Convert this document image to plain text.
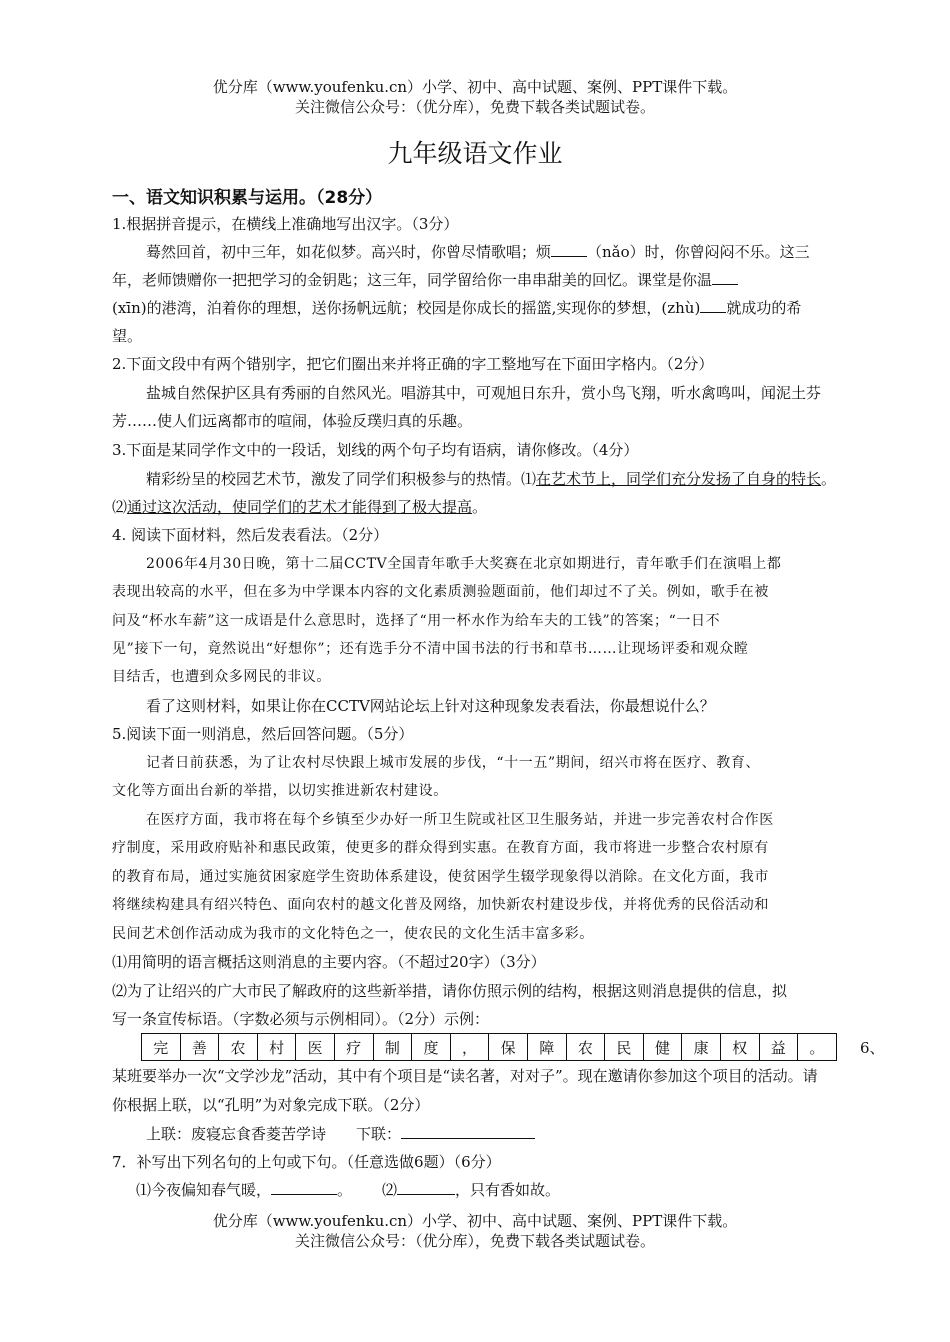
优分库（www.youfenku.cn）小学、初中、高中试题、案例、PPT课件下载。
关注微信公众号：（优分库），免费下载各类试题试卷。
九年级语文作业
一、语文知识积累与运用。（28分）
1.根据拼音提示，在横线上准确地写出汉字。（3分）
蓦然回首，初中三年，如花似梦。高兴时，你曾尽情歌唱；烦 （nǎo）时，你曾闷闷不乐。这三
年，老师馈赠你一把把学习的金钥匙；这三年，同学留给你一串串甜美的回忆。课堂是你温
(xīn)的港湾，泊着你的理想，送你扬帆远航；校园是你成长的摇篮,实现你的梦想，(zhù) 就成功的希
望。
2.下面文段中有两个错别字，把它们圈出来并将正确的字工整地写在下面田字格内。（2分）
盐城自然保护区具有秀丽的自然风光。唱游其中，可观旭日东升，赏小鸟飞翔，听水禽鸣叫，闻泥土芬
芳……使人们远离都市的喧闹，体验反璞归真的乐趣。
3.下面是某同学作文中的一段话，划线的两个句子均有语病，请你修改。（4分）
精彩纷呈的校园艺术节，激发了同学们积极参与的热情。⑴在艺术节上，同学们充分发扬了自身的特长。
⑵通过这次活动，使同学们的艺术才能得到了极大提高。
4. 阅读下面材料，然后发表看法。（2分）
2006年4月30日晚，第十二届CCTV全国青年歌手大奖赛在北京如期进行，青年歌手们在演唱上都
表现出较高的水平，但在多为中学课本内容的文化素质测验题面前，他们却过不了关。例如，歌手在被
问及“杯水车薪”这一成语是什么意思时，选择了“用一杯水作为给车夫的工钱”的答案；“一日不
见”接下一句，竟然说出“好想你”；还有选手分不清中国书法的行书和草书……让现场评委和观众瞠
目结舌，也遭到众多网民的非议。
看了这则材料，如果让你在CCTV网站论坛上针对这种现象发表看法，你最想说什么？
5.阅读下面一则消息，然后回答问题。（5分）
记者日前获悉，为了让农村尽快跟上城市发展的步伐，“十一五”期间，绍兴市将在医疗、教育、
文化等方面出台新的举措，以切实推进新农村建设。
在医疗方面，我市将在每个乡镇至少办好一所卫生院或社区卫生服务站，并进一步完善农村合作医
疗制度，采用政府贴补和惠民政策，使更多的群众得到实惠。在教育方面，我市将进一步整合农村原有
的教育布局，通过实施贫困家庭学生资助体系建设，使贫困学生辍学现象得以消除。在文化方面，我市
将继续构建具有绍兴特色、面向农村的越文化普及网络，加快新农村建设步伐，并将优秀的民俗活动和
民间艺术创作活动成为我市的文化特色之一，使农民的文化生活丰富多彩。
⑴用简明的语言概括这则消息的主要内容。（不超过20字）（3分）
⑵为了让绍兴的广大市民了解政府的这些新举措，请你仿照示例的结构，根据这则消息提供的信息，拟
写一条宣传标语。（字数必须与示例相同）。（2分）示例：
完	善	农	村	医	疗	制	度	，	保	障	农	民	健	康	权	益	。 6、
某班要举办一次“文学沙龙”活动，其中有个项目是“读名著，对对子”。现在邀请你参加这个项目的活动。请
你根据上联，以“孔明”为对象完成下联。（2分）
上联：废寝忘食香菱苦学诗 下联：
7．补写出下列名句的上句或下句。（任意选做6题）（6分）
⑴今夜偏知春气暖，	。 ⑵	，只有香如故。
优分库（www.youfenku.cn）小学、初中、高中试题、案例、PPT课件下载。
关注微信公众号：（优分库），免费下载各类试题试卷。
